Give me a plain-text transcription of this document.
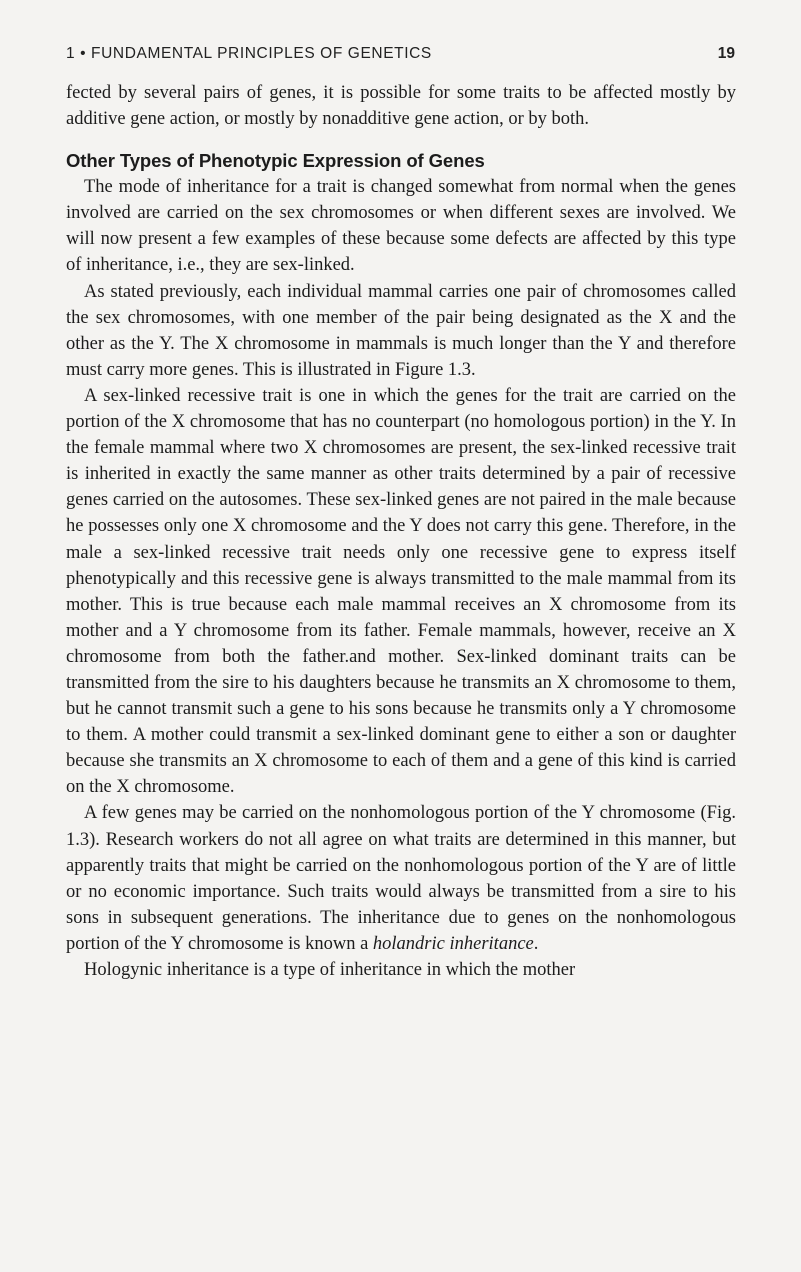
1 • FUNDAMENTAL PRINCIPLES OF GENETICS	19

fected by several pairs of genes, it is possible for some traits to be affected mostly by additive gene action, or mostly by nonadditive gene action, or by both.

Other Types of Phenotypic Expression of Genes

The mode of inheritance for a trait is changed somewhat from normal when the genes involved are carried on the sex chromosomes or when different sexes are involved. We will now present a few examples of these because some defects are affected by this type of inheritance, i.e., they are sex-linked.

As stated previously, each individual mammal carries one pair of chromosomes called the sex chromosomes, with one member of the pair being designated as the X and the other as the Y. The X chromosome in mammals is much longer than the Y and therefore must carry more genes. This is illustrated in Figure 1.3.

A sex-linked recessive trait is one in which the genes for the trait are carried on the portion of the X chromosome that has no counterpart (no homologous portion) in the Y. In the female mammal where two X chromosomes are present, the sex-linked recessive trait is inherited in exactly the same manner as other traits determined by a pair of recessive genes carried on the autosomes. These sex-linked genes are not paired in the male because he possesses only one X chromosome and the Y does not carry this gene. Therefore, in the male a sex-linked recessive trait needs only one recessive gene to express itself phenotypically and this recessive gene is always transmitted to the male mammal from its mother. This is true because each male mammal receives an X chromosome from its mother and a Y chromosome from its father. Female mammals, however, receive an X chromosome from both the father.and mother. Sex-linked dominant traits can be transmitted from the sire to his daughters because he transmits an X chromosome to them, but he cannot transmit such a gene to his sons because he transmits only a Y chromosome to them. A mother could transmit a sex-linked dominant gene to either a son or daughter because she transmits an X chromosome to each of them and a gene of this kind is carried on the X chromosome.

A few genes may be carried on the nonhomologous portion of the Y chromosome (Fig. 1.3). Research workers do not all agree on what traits are determined in this manner, but apparently traits that might be carried on the nonhomologous portion of the Y are of little or no economic importance. Such traits would always be transmitted from a sire to his sons in subsequent generations. The inheritance due to genes on the nonhomologous portion of the Y chromosome is known a holandric inheritance.

Hologynic inheritance is a type of inheritance in which the mother
